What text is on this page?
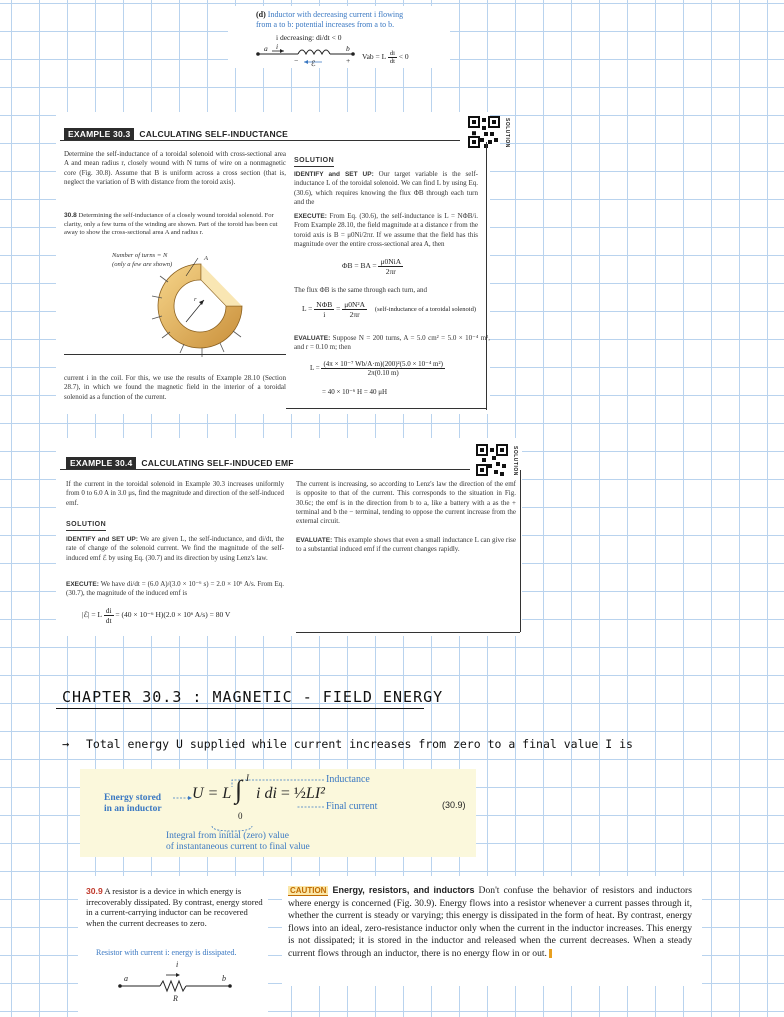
(d) Inductor with decreasing current i flowing
from a to b: potential increases from a to b.
i decreasing: di/dt < 0
a	b
i
−	+
ℰ
Vab = L $\frac{di}{dt} < 0$
EXAMPLE 30.3	CALCULATING SELF-INDUCTANCE	SOLUTION
Determine the self-inductance of a toroidal solenoid with cross-sectional area A and mean radius r, closely wound with N turns of wire on a nonmagnetic core (Fig. 30.8). Assume that B is uniform across a cross section (that is, neglect the variation of B with distance from the toroid axis).
30.8 Determining the self-inductance of a closely wound toroidal solenoid. For clarity, only a few turns of the winding are shown. Part of the toroid has been cut away to show the cross-sectional area A and radius r.
Number of turns = N
(only a few are shown)
A
r
current i in the coil. For this, we use the results of Example 28.10 (Section 28.7), in which we found the magnetic field in the interior of a toroidal solenoid as a function of the current.
SOLUTION
IDENTIFY and SET UP: Our target variable is the self-inductance L of the toroidal solenoid. We can find L by using Eq. (30.6), which requires knowing the flux ΦB through each turn and the
EXECUTE: From Eq. (30.6), the self-inductance is L = NΦB/i. From Example 28.10, the field magnitude at a distance r from the toroid axis is B = μ0Ni/2πr. If we assume that the field has this magnitude over the entire cross-sectional area A, then
ΦB = BA = $\frac{\text{μ0NiA}}{2\pi r}$
The flux ΦB is the same through each turn, and
$L = \frac{\text{NΦB}}{i} = \frac{\text{μ0N²A}}{2\pi r}$ (self-inductance of a toroidal solenoid)
EVALUATE: Suppose N = 200 turns, A = 5.0 cm² = 5.0 × 10⁻⁴ m², and r = 0.10 m; then
$L = \frac{\text{(4π × 10⁻⁷ Wb/A·m)(200)²(5.0 × 10⁻⁴ m²)}}{2\pi(0.10 m)}$
= 40 × 10⁻⁶ H = 40 μH
EXAMPLE 30.4	CALCULATING SELF-INDUCED EMF	SOLUTION
If the current in the toroidal solenoid in Example 30.3 increases uniformly from 0 to 6.0 A in 3.0 μs, find the magnitude and direction of the self-induced emf.
SOLUTION
IDENTIFY and SET UP: We are given L, the self-inductance, and di/dt, the rate of change of the solenoid current. We find the magnitude of the self-induced emf ℰ by using Eq. (30.7) and its direction by using Lenz's law.
EXECUTE: We have di/dt = (6.0 A)/(3.0 × 10⁻⁶ s) = 2.0 × 10⁶ A/s. From Eq. (30.7), the magnitude of the induced emf is
|ℰ| = L $\frac{di}{dt} = (40 \times 10^{-6}$ H)(2.0 × 10⁶ A/s) = 80 V
The current is increasing, so according to Lenz's law the direction of the emf is opposite to that of the current. This corresponds to the situation in Fig. 30.6c; the emf is in the direction from b to a, like a battery with a as the + terminal and b the − terminal, tending to oppose the current increase from the external circuit.
EVALUATE: This example shows that even a small inductance L can give rise to a substantial induced emf if the current changes rapidly.
CHAPTER 30.3 : MAGNETIC - FIELD ENERGY
→ Total energy U supplied while current increases from zero to a final value I is
Energy stored
in an inductor
U = L ∫ I
0
i di = ½LI²
Inductance
Final current
Integral from initial (zero) value
of instantaneous current to final value
(30.9)
30.9 A resistor is a device in which energy is irrecoverably dissipated. By contrast, energy stored in a current-carrying inductor can be recovered when the current decreases to zero.
Resistor with current i: energy is dissipated.
a	b
i
R
CAUTION Energy, resistors, and inductors Don't confuse the behavior of resistors and inductors where energy is concerned (Fig. 30.9). Energy flows into a resistor whenever a current passes through it, whether the current is steady or varying; this energy is dissipated in the form of heat. By contrast, energy flows into an ideal, zero-resistance inductor only when the current in the inductor increases. This energy is not dissipated; it is stored in the inductor and released when the current decreases. When a steady current flows through an inductor, there is no energy flow in or out.
